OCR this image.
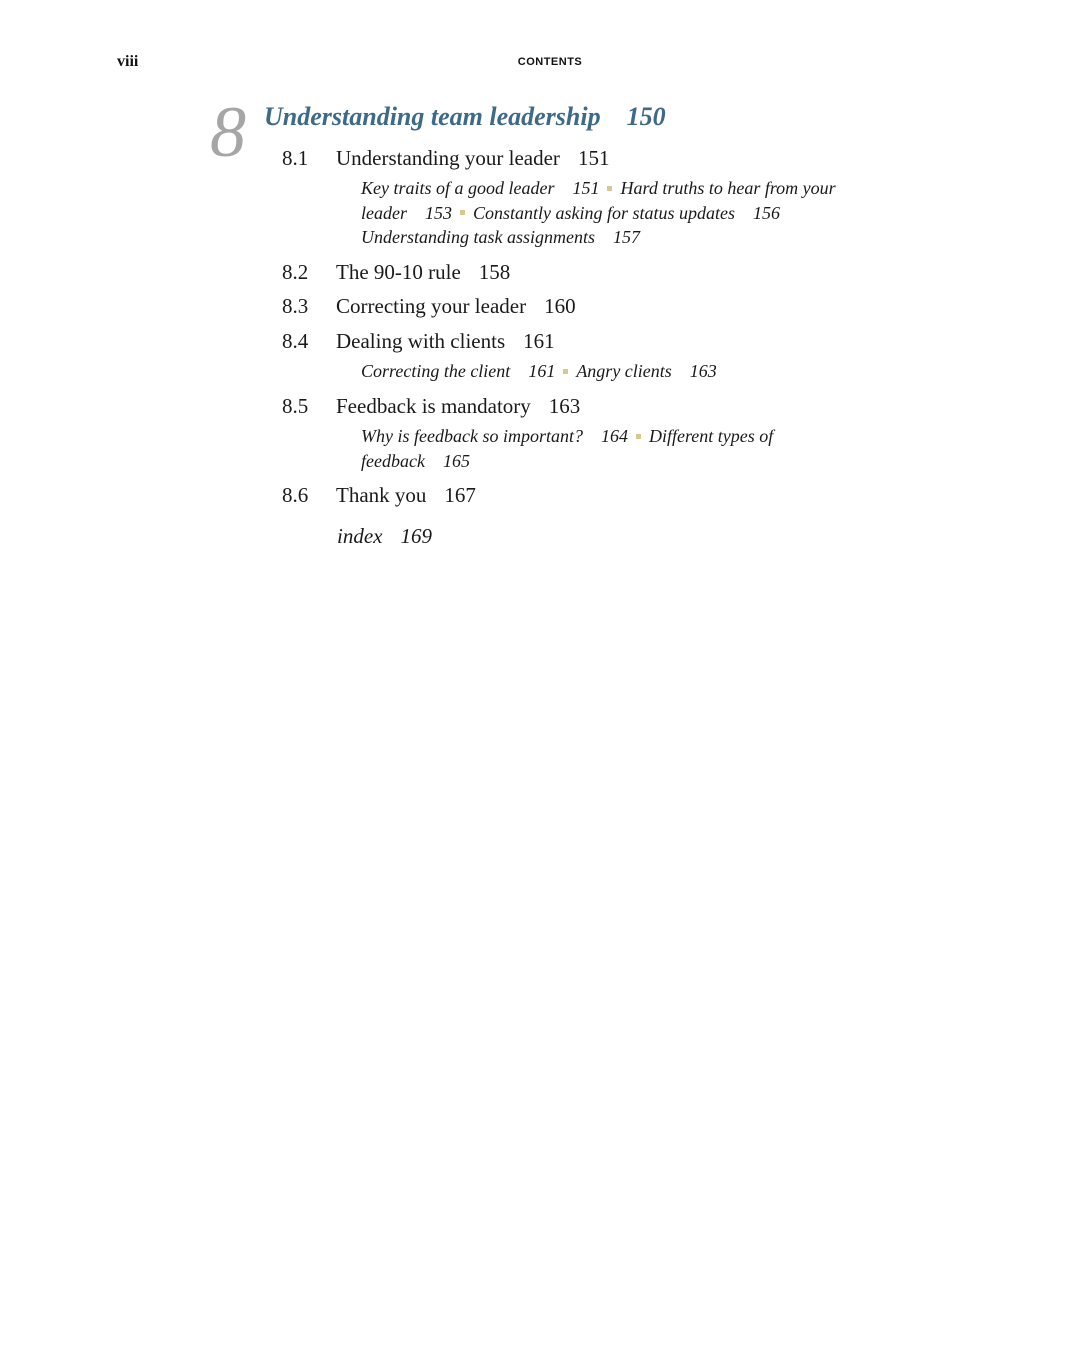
viii	CONTENTS
8 Understanding team leadership 150
8.1 Understanding your leader 151
Key traits of a good leader 151 Hard truths to hear from your leader 153 Constantly asking for status updates 156
Understanding task assignments 157
8.2 The 90-10 rule 158
8.3 Correcting your leader 160
8.4 Dealing with clients 161
Correcting the client 161 Angry clients 163
8.5 Feedback is mandatory 163
Why is feedback so important? 164 Different types of feedback 165
8.6 Thank you 167
index 169
